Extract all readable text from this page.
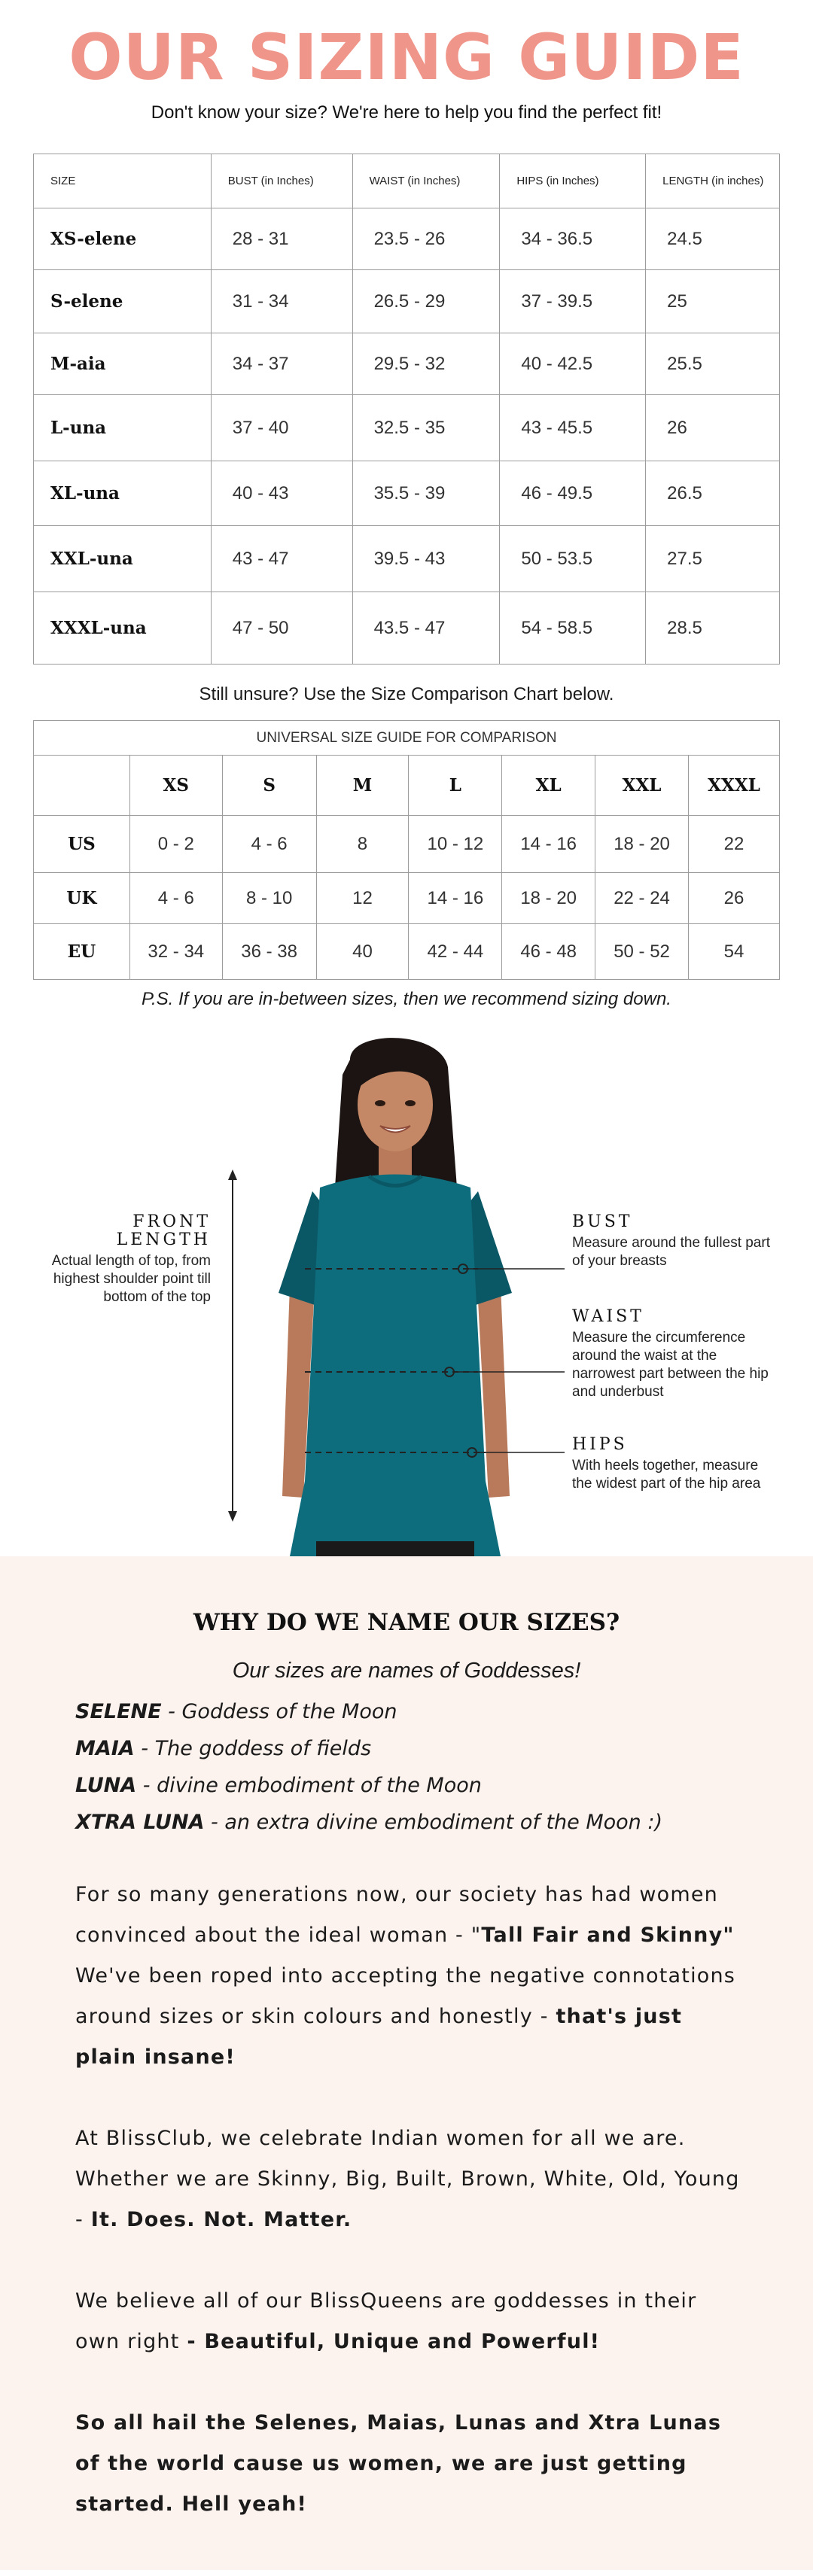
OUR SIZING GUIDE
Don't know your size? We're here to help you find the perfect fit!
SIZE	BUST (in Inches)	WAIST (in Inches)	HIPS (in Inches)	LENGTH (in inches)
XS-elene	28 - 31	23.5 - 26	34 - 36.5	24.5
S-elene	31 - 34	26.5 - 29	37 - 39.5	25
M-aia	34 - 37	29.5 - 32	40 - 42.5	25.5
L-una	37 - 40	32.5 - 35	43 - 45.5	26
XL-una	40 - 43	35.5 - 39	46 - 49.5	26.5
XXL-una	43 - 47	39.5 - 43	50 - 53.5	27.5
XXXL-una	47 - 50	43.5 - 47	54 - 58.5	28.5
Still unsure? Use the Size Comparison Chart below.
UNIVERSAL SIZE GUIDE FOR COMPARISON							
	XS	S	M	L	XL	XXL	XXXL
US	0 - 2	4 - 6	8	10 - 12	14 - 16	18 - 20	22
UK	4 - 6	8 - 10	12	14 - 16	18 - 20	22 - 24	26
EU	32 - 34	36 - 38	40	42 - 44	46 - 48	50 - 52	54
P.S. If you are in-between sizes, then we recommend sizing down.
FRONT LENGTH
Actual length of top, from highest shoulder point till bottom of the top
BUST
Measure around the fullest part of your breasts
WAIST
Measure the circumference around the waist at the narrowest part between the hip and underbust
HIPS
With heels together, measure the widest part of the hip area
WHY DO WE NAME OUR SIZES?
Our sizes are names of Goddesses!
SELENE - Goddess of the Moon
MAIA - The goddess of fields
LUNA - divine embodiment of the Moon
XTRA LUNA - an extra divine embodiment of the Moon :)

For so many generations now, our society has had women convinced about the ideal woman - "Tall Fair and Skinny" We've been roped into accepting the negative connotations around sizes or skin colours and honestly - that's just plain insane!

At BlissClub, we celebrate Indian women for all we are. Whether we are Skinny, Big, Built, Brown, White, Old, Young - It. Does. Not. Matter.

We believe all of our BlissQueens are goddesses in their own right - Beautiful, Unique and Powerful!

So all hail the Selenes, Maias, Lunas and Xtra Lunas of the world cause us women, we are just getting started. Hell yeah!
